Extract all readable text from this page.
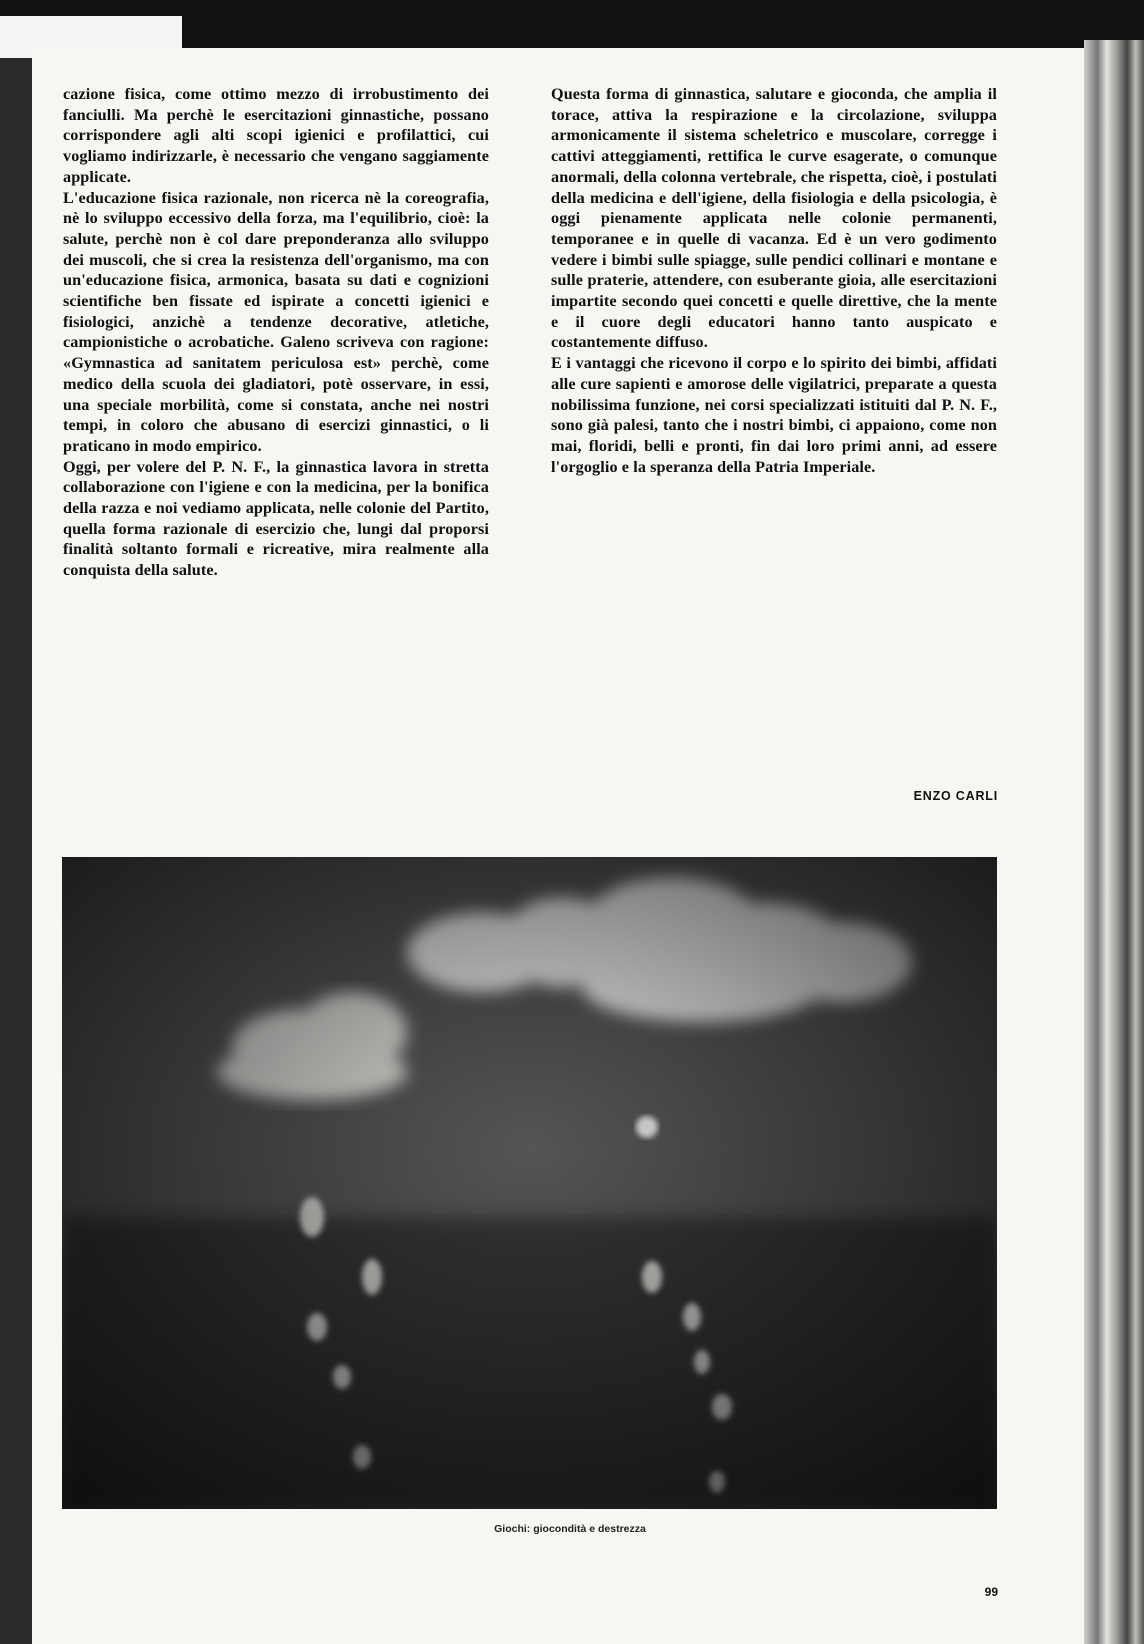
cazione fisica, come ottimo mezzo di irrobustimento dei fanciulli. Ma perchè le esercitazioni ginnastiche, possano corrispondere agli alti scopi igienici e profilattici, cui vogliamo indirizzarle, è necessario che vengano saggiamente applicate.

L'educazione fisica razionale, non ricerca nè la coreografia, nè lo sviluppo eccessivo della forza, ma l'equilibrio, cioè: la salute, perchè non è col dare preponderanza allo sviluppo dei muscoli, che si crea la resistenza dell'organismo, ma con un'educazione fisica, armonica, basata su dati e cognizioni scientifiche ben fissate ed ispirate a concetti igienici e fisiologici, anzichè a tendenze decorative, atletiche, campionistiche o acrobatiche. Galeno scriveva con ragione: «Gymnastica ad sanitatem periculosa est» perchè, come medico della scuola dei gladiatori, potè osservare, in essi, una speciale morbilità, come si constata, anche nei nostri tempi, in coloro che abusano di esercizi ginnastici, o li praticano in modo empirico.

Oggi, per volere del P. N. F., la ginnastica lavora in stretta collaborazione con l'igiene e con la medicina, per la bonifica della razza e noi vediamo applicata, nelle colonie del Partito, quella forma razionale di esercizio che, lungi dal proporsi finalità soltanto formali e ricreative, mira realmente alla conquista della salute.

Questa forma di ginnastica, salutare e gioconda, che amplia il torace, attiva la respirazione e la circolazione, sviluppa armonicamente il sistema scheletrico e muscolare, corregge i cattivi atteggiamenti, rettifica le curve esagerate, o comunque anormali, della colonna vertebrale, che rispetta, cioè, i postulati della medicina e dell'igiene, della fisiologia e della psicologia, è oggi pienamente applicata nelle colonie permanenti, temporanee e in quelle di vacanza. Ed è un vero godimento vedere i bimbi sulle spiagge, sulle pendici collinari e montane e sulle praterie, attendere, con esuberante gioia, alle esercitazioni impartite secondo quei concetti e quelle direttive, che la mente e il cuore degli educatori hanno tanto auspicato e costantemente diffuso.

E i vantaggi che ricevono il corpo e lo spirito dei bimbi, affidati alle cure sapienti e amorose delle vigilatrici, preparate a questa nobilissima funzione, nei corsi specializzati istituiti dal P. N. F., sono già palesi, tanto che i nostri bimbi, ci appaiono, come non mai, floridi, belli e pronti, fin dai loro primi anni, ad essere l'orgoglio e la speranza della Patria Imperiale.

ENZO CARLI
Giochi: giocondità e destrezza
99
